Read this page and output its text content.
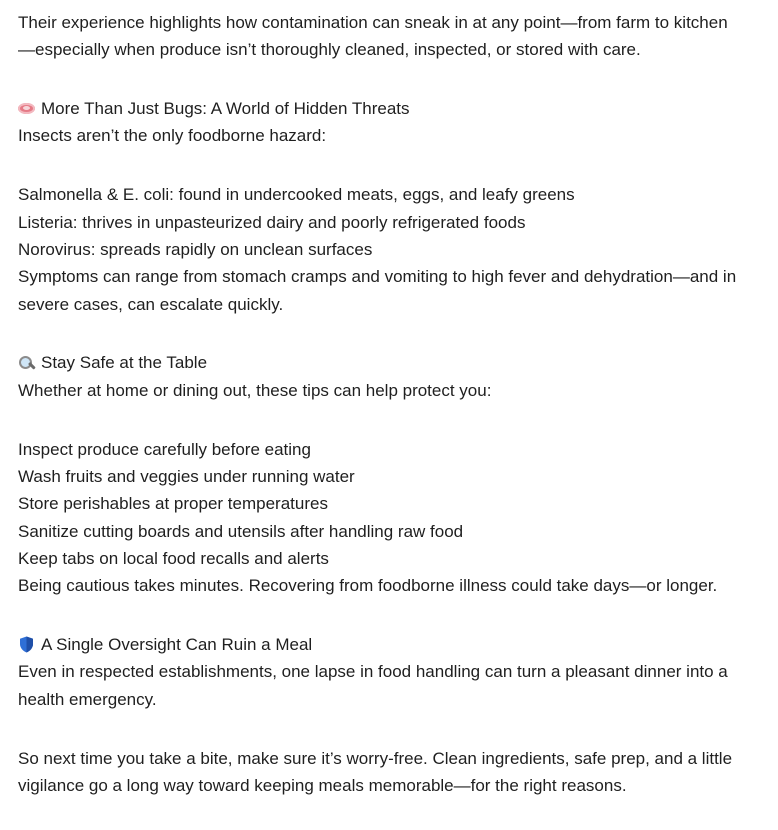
Their experience highlights how contamination can sneak in at any point—from farm to kitchen
—especially when produce isn’t thoroughly cleaned, inspected, or stored with care.
More Than Just Bugs: A World of Hidden Threats
Insects aren’t the only foodborne hazard:
Salmonella & E. coli: found in undercooked meats, eggs, and leafy greens
Listeria: thrives in unpasteurized dairy and poorly refrigerated foods
Norovirus: spreads rapidly on unclean surfaces
Symptoms can range from stomach cramps and vomiting to high fever and dehydration—and in
severe cases, can escalate quickly.
Stay Safe at the Table
Whether at home or dining out, these tips can help protect you:
Inspect produce carefully before eating
Wash fruits and veggies under running water
Store perishables at proper temperatures
Sanitize cutting boards and utensils after handling raw food
Keep tabs on local food recalls and alerts
Being cautious takes minutes. Recovering from foodborne illness could take days—or longer.
A Single Oversight Can Ruin a Meal
Even in respected establishments, one lapse in food handling can turn a pleasant dinner into a
health emergency.
So next time you take a bite, make sure it’s worry-free. Clean ingredients, safe prep, and a little
vigilance go a long way toward keeping meals memorable—for the right reasons.
